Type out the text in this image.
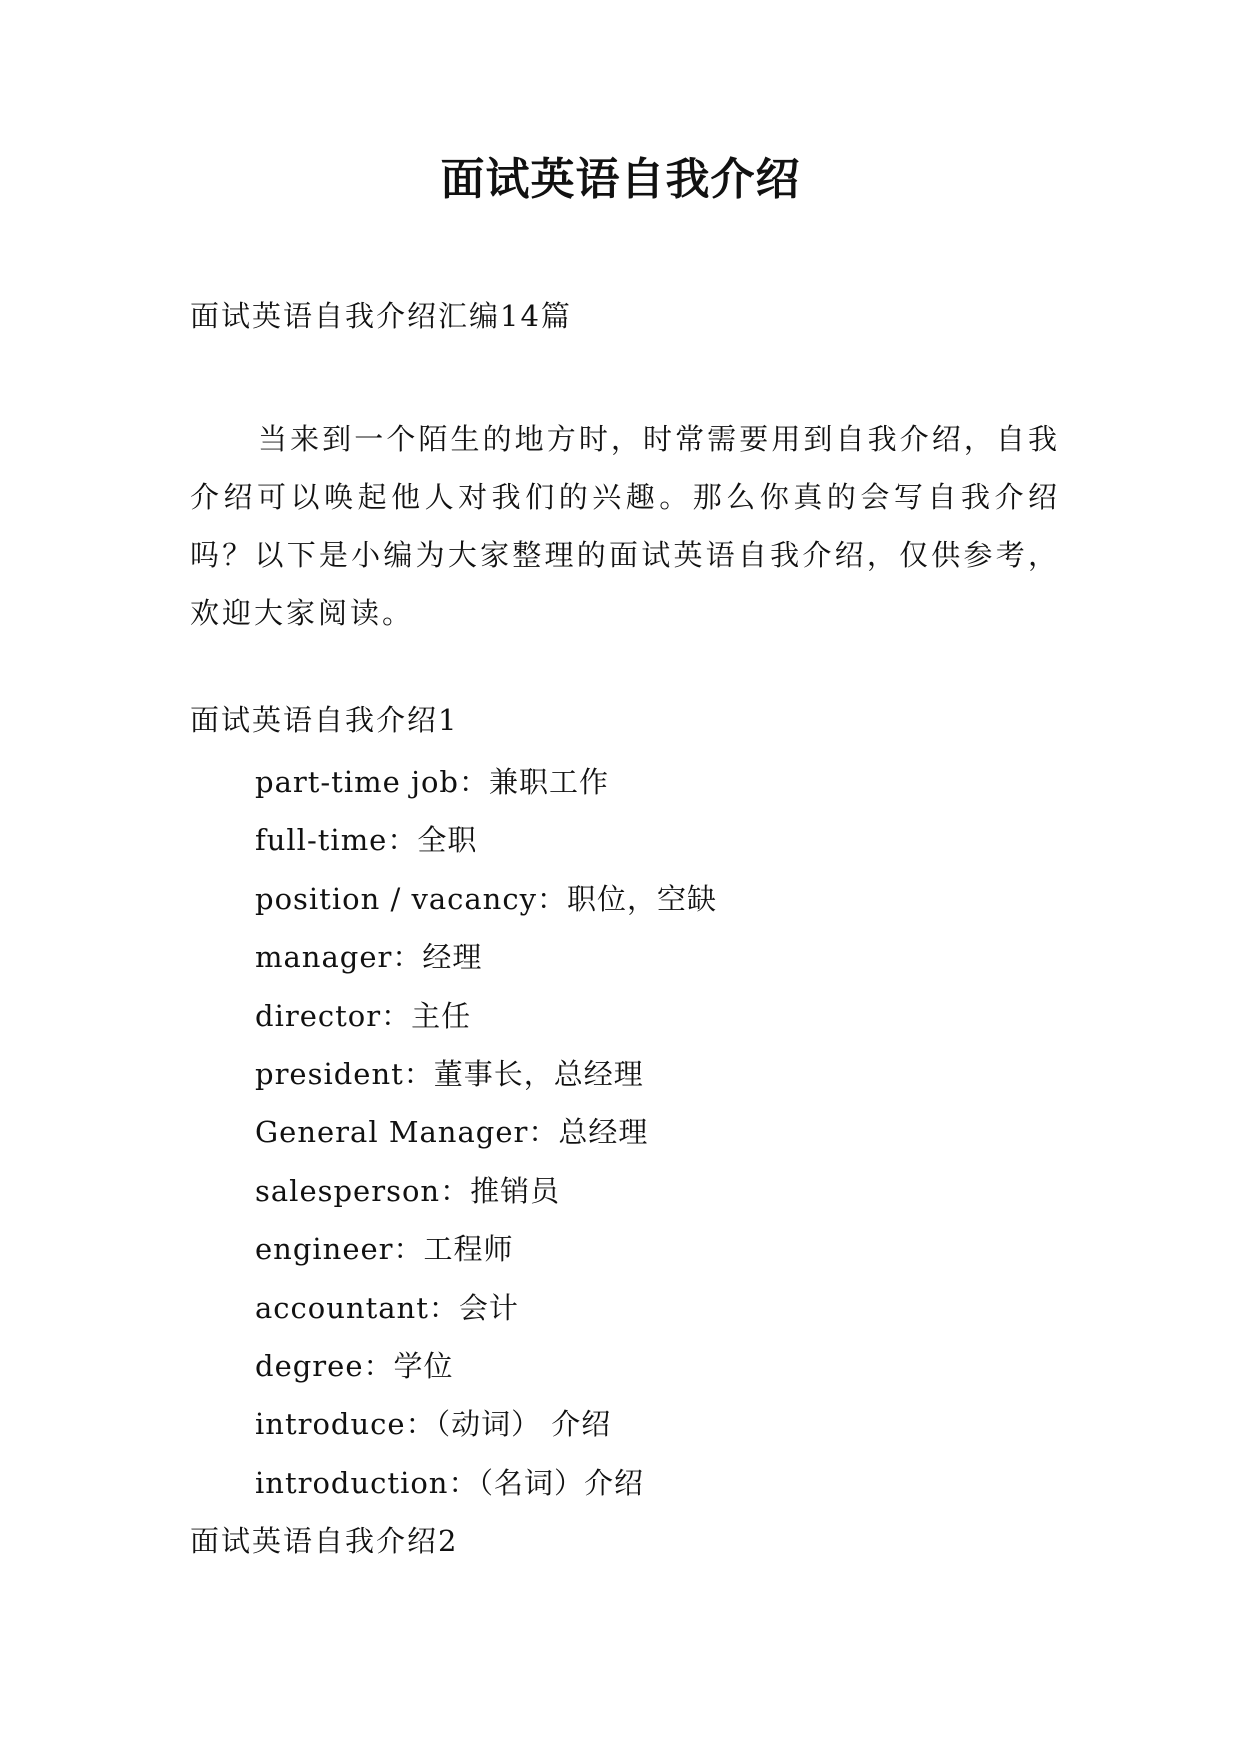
面试英语自我介绍
面试英语自我介绍汇编14篇
当来到一个陌生的地方时，时常需要用到自我介绍，自我介绍可以唤起他人对我们的兴趣。那么你真的会写自我介绍吗？以下是小编为大家整理的面试英语自我介绍，仅供参考，欢迎大家阅读。
面试英语自我介绍1
part-time job：兼职工作
full-time：全职
position / vacancy：职位，空缺
manager：经理
director：主任
president：董事长，总经理
General Manager：总经理
salesperson：推销员
engineer：工程师
accountant：会计
degree：学位
introduce：（动词） 介绍
introduction：（名词）介绍
面试英语自我介绍2
